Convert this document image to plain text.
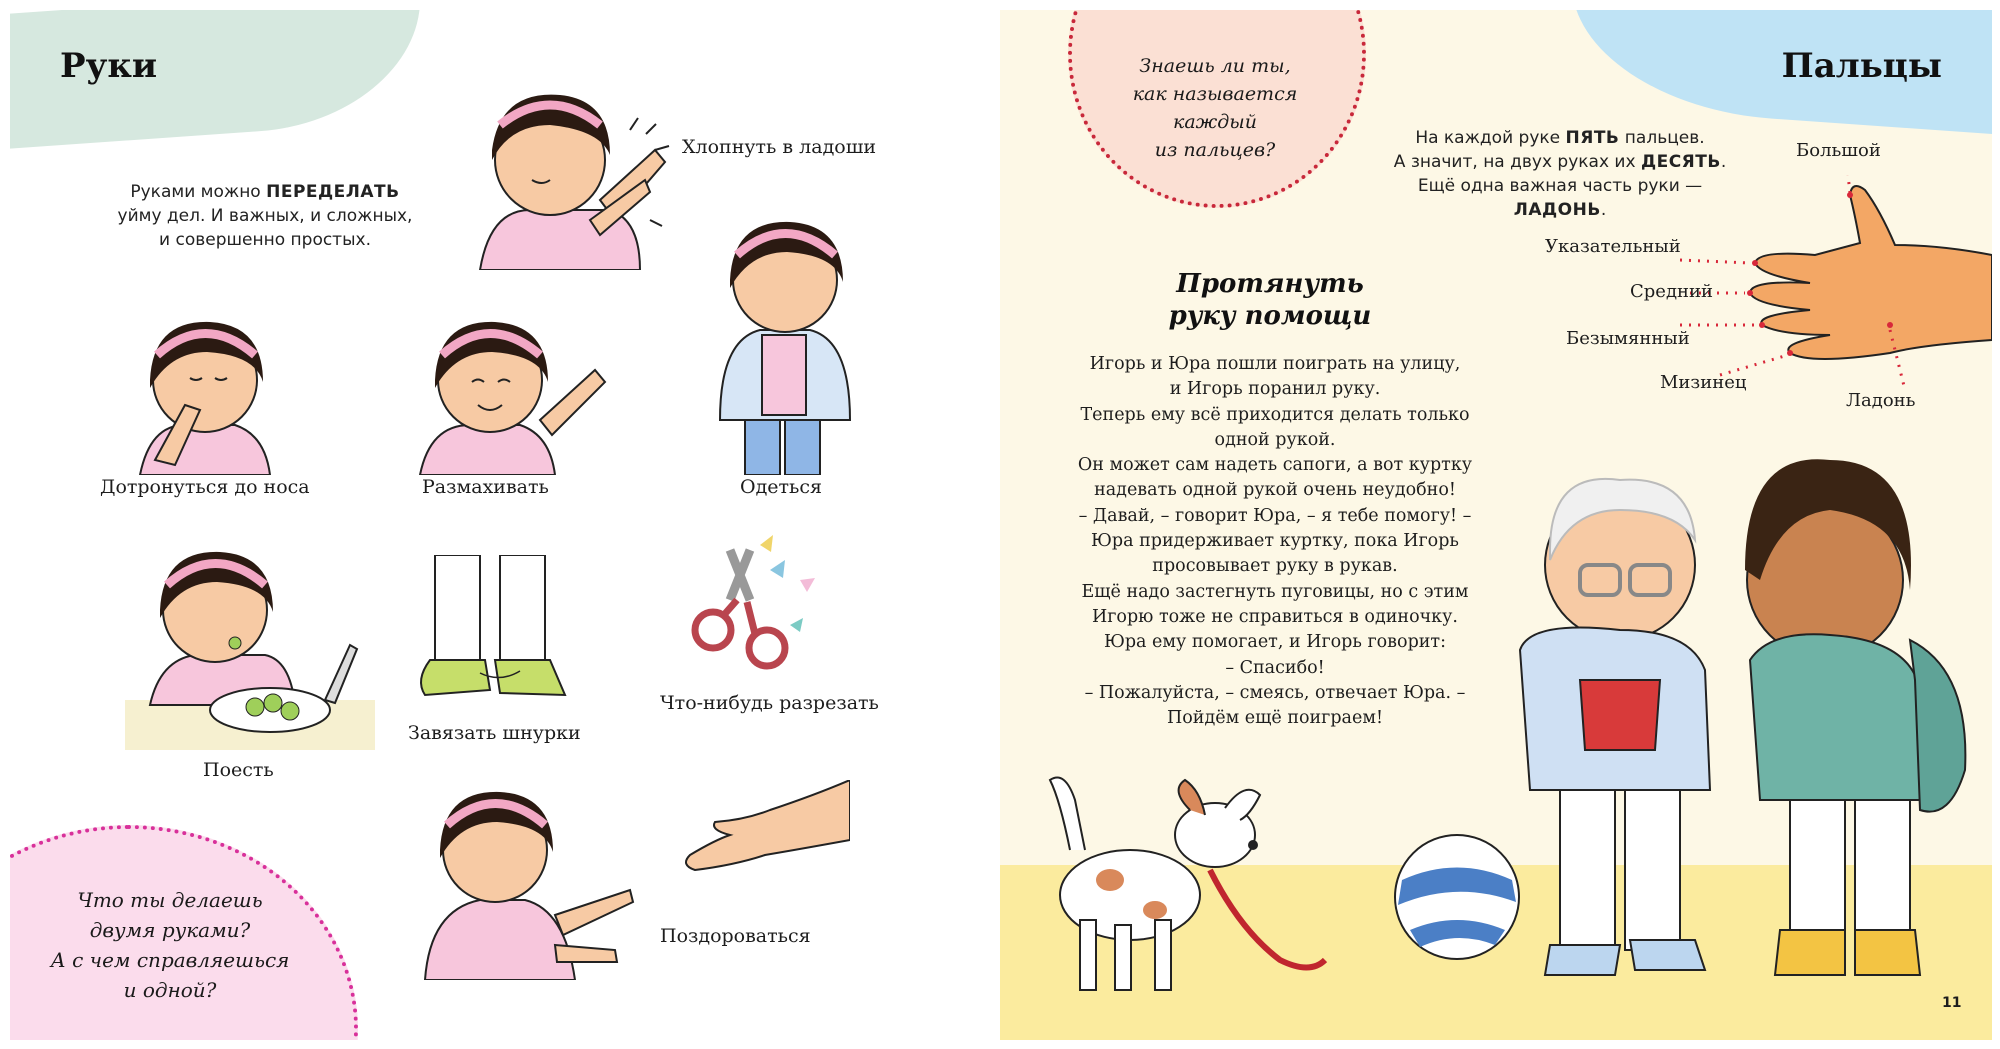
Руки
Руками можно ПЕРЕДЕЛАТЬ
уйму дел. И важных, и сложных,
и совершенно простых.
Хлопнуть в ладоши
Дотронуться до носа	Размахивать	Одеться
Поесть
Завязать шнурки
Что-нибудь разрезать
Поздороваться
Что ты делаешь
двумя руками?
А с чем справляешься
и одной?
Пальцы
Знаешь ли ты,
как называется
каждый
из пальцев?
На каждой руке ПЯТЬ пальцев.
А значит, на двух руках их ДЕСЯТЬ.
Ещё одна важная часть руки — ЛАДОНЬ.
Большой
Указательный
Средний
Безымянный
Мизинец
Ладонь
Протянуть
руку помощи
Игорь и Юра пошли поиграть на улицу,
и Игорь поранил руку.
Теперь ему всё приходится делать только
одной рукой.
Он может сам надеть сапоги, а вот куртку
надевать одной рукой очень неудобно!
– Давай, – говорит Юра, – я тебе помогу! –
Юра придерживает куртку, пока Игорь
просовывает руку в рукав.
Ещё надо застегнуть пуговицы, но с этим
Игорю тоже не справиться в одиночку.
Юра ему помогает, и Игорь говорит:
– Спасибо!
– Пожалуйста, – смеясь, отвечает Юра. –
Пойдём ещё поиграем!
11
